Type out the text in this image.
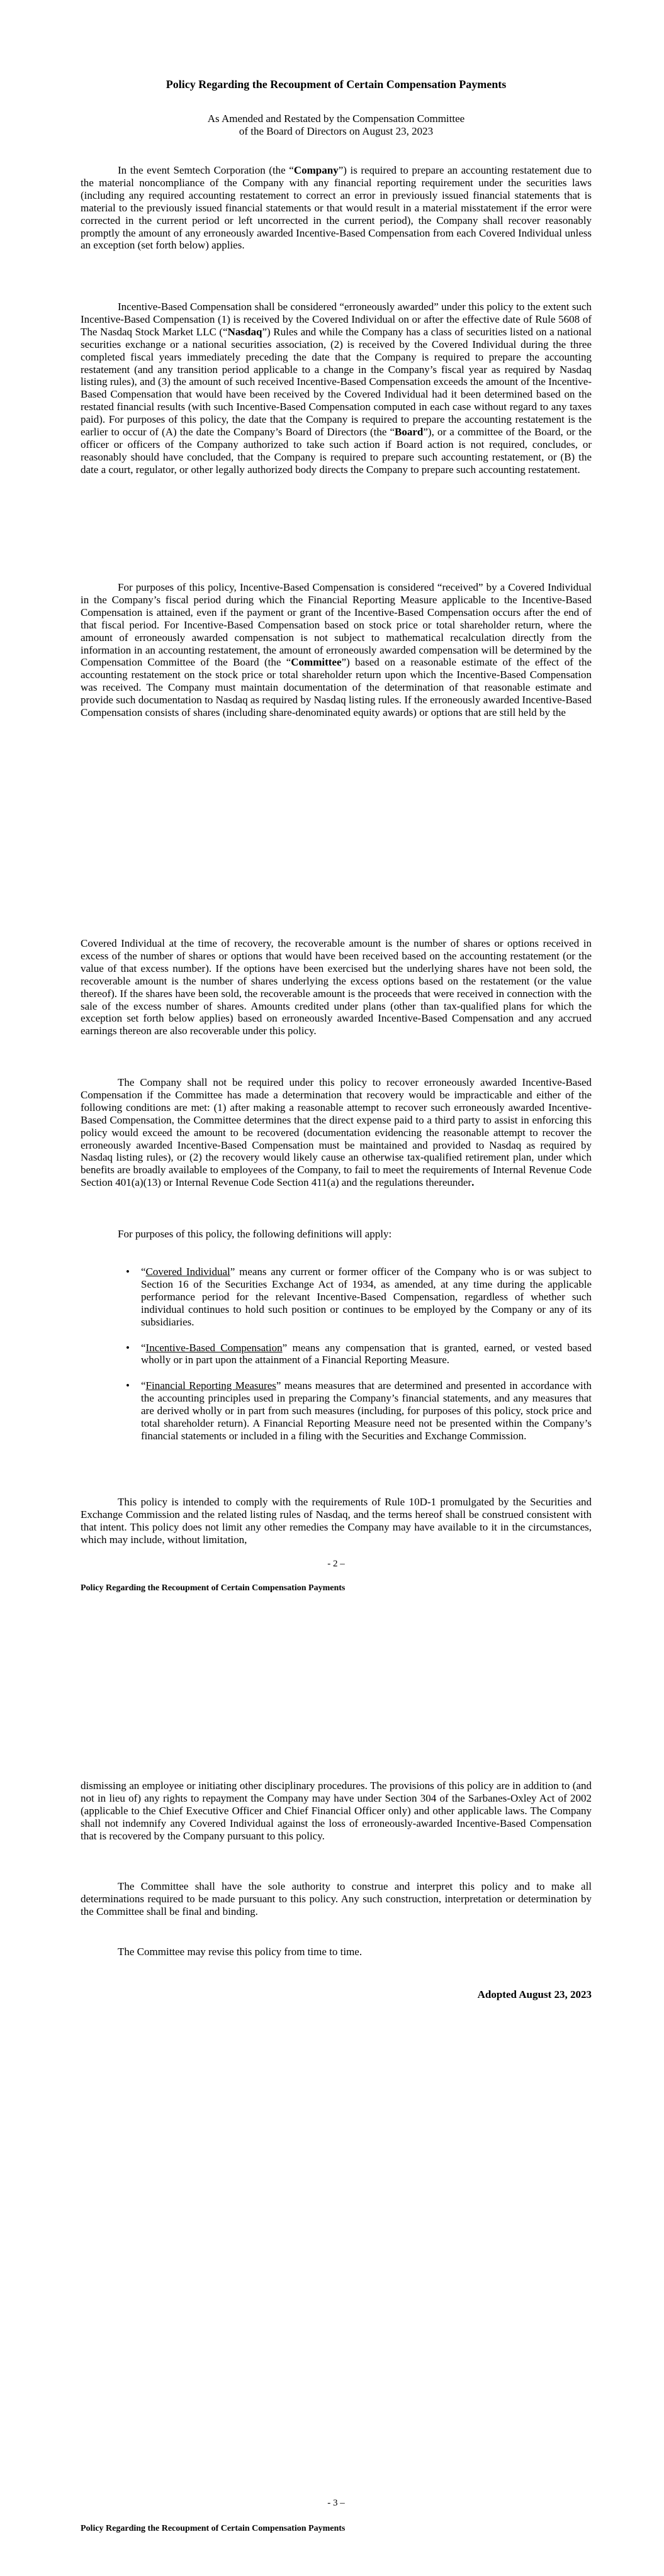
Policy Regarding the Recoupment of Certain Compensation Payments
As Amended and Restated by the Compensation Committee
of the Board of Directors on August 23, 2023

In the event Semtech Corporation (the “Company”) is required to prepare an accounting restatement due to the material noncompliance of the Company with any financial reporting requirement under the securities laws (including any required accounting restatement to correct an error in previously issued financial statements that is material to the previously issued financial statements or that would result in a material misstatement if the error were corrected in the current period or left uncorrected in the current period), the Company shall recover reasonably promptly the amount of any erroneously awarded Incentive-Based Compensation from each Covered Individual unless an exception (set forth below) applies.

Incentive-Based Compensation shall be considered “erroneously awarded” under this policy to the extent such Incentive-Based Compensation (1) is received by the Covered Individual on or after the effective date of Rule 5608 of The Nasdaq Stock Market LLC (“Nasdaq”) Rules and while the Company has a class of securities listed on a national securities exchange or a national securities association, (2) is received by the Covered Individual during the three completed fiscal years immediately preceding the date that the Company is required to prepare the accounting restatement (and any transition period applicable to a change in the Company’s fiscal year as required by Nasdaq listing rules), and (3) the amount of such received Incentive-Based Compensation exceeds the amount of the Incentive-Based Compensation that would have been received by the Covered Individual had it been determined based on the restated financial results (with such Incentive-Based Compensation computed in each case without regard to any taxes paid). For purposes of this policy, the date that the Company is required to prepare the accounting restatement is the earlier to occur of (A) the date the Company’s Board of Directors (the “Board”), or a committee of the Board, or the officer or officers of the Company authorized to take such action if Board action is not required, concludes, or reasonably should have concluded, that the Company is required to prepare such accounting restatement, or (B) the date a court, regulator, or other legally authorized body directs the Company to prepare such accounting restatement.

For purposes of this policy, Incentive-Based Compensation is considered “received” by a Covered Individual in the Company’s fiscal period during which the Financial Reporting Measure applicable to the Incentive-Based Compensation is attained, even if the payment or grant of the Incentive-Based Compensation occurs after the end of that fiscal period. For Incentive-Based Compensation based on stock price or total shareholder return, where the amount of erroneously awarded compensation is not subject to mathematical recalculation directly from the information in an accounting restatement, the amount of erroneously awarded compensation will be determined by the Compensation Committee of the Board (the “Committee”) based on a reasonable estimate of the effect of the accounting restatement on the stock price or total shareholder return upon which the Incentive-Based Compensation was received. The Company must maintain documentation of the determination of that reasonable estimate and provide such documentation to Nasdaq as required by Nasdaq listing rules. If the erroneously awarded Incentive-Based Compensation consists of shares (including share-denominated equity awards) or options that are still held by the

Covered Individual at the time of recovery, the recoverable amount is the number of shares or options received in excess of the number of shares or options that would have been received based on the accounting restatement (or the value of that excess number). If the options have been exercised but the underlying shares have not been sold, the recoverable amount is the number of shares underlying the excess options based on the restatement (or the value thereof). If the shares have been sold, the recoverable amount is the proceeds that were received in connection with the sale of the excess number of shares. Amounts credited under plans (other than tax-qualified plans for which the exception set forth below applies) based on erroneously awarded Incentive-Based Compensation and any accrued earnings thereon are also recoverable under this policy.

The Company shall not be required under this policy to recover erroneously awarded Incentive-Based Compensation if the Committee has made a determination that recovery would be impracticable and either of the following conditions are met: (1) after making a reasonable attempt to recover such erroneously awarded Incentive-Based Compensation, the Committee determines that the direct expense paid to a third party to assist in enforcing this policy would exceed the amount to be recovered (documentation evidencing the reasonable attempt to recover the erroneously awarded Incentive-Based Compensation must be maintained and provided to Nasdaq as required by Nasdaq listing rules), or (2) the recovery would likely cause an otherwise tax-qualified retirement plan, under which benefits are broadly available to employees of the Company, to fail to meet the requirements of Internal Revenue Code Section 401(a)(13) or Internal Revenue Code Section 411(a) and the regulations thereunder.

For purposes of this policy, the following definitions will apply:

• “Covered Individual” means any current or former officer of the Company who is or was subject to Section 16 of the Securities Exchange Act of 1934, as amended, at any time during the applicable performance period for the relevant Incentive-Based Compensation, regardless of whether such individual continues to hold such position or continues to be employed by the Company or any of its subsidiaries.
• “Incentive-Based Compensation” means any compensation that is granted, earned, or vested based wholly or in part upon the attainment of a Financial Reporting Measure.
• “Financial Reporting Measures” means measures that are determined and presented in accordance with the accounting principles used in preparing the Company’s financial statements, and any measures that are derived wholly or in part from such measures (including, for purposes of this policy, stock price and total shareholder return). A Financial Reporting Measure need not be presented within the Company’s financial statements or included in a filing with the Securities and Exchange Commission.

This policy is intended to comply with the requirements of Rule 10D-1 promulgated by the Securities and Exchange Commission and the related listing rules of Nasdaq, and the terms hereof shall be construed consistent with that intent. This policy does not limit any other remedies the Company may have available to it in the circumstances, which may include, without limitation,

- 2 –
Policy Regarding the Recoupment of Certain Compensation Payments

dismissing an employee or initiating other disciplinary procedures. The provisions of this policy are in addition to (and not in lieu of) any rights to repayment the Company may have under Section 304 of the Sarbanes-Oxley Act of 2002 (applicable to the Chief Executive Officer and Chief Financial Officer only) and other applicable laws. The Company shall not indemnify any Covered Individual against the loss of erroneously-awarded Incentive-Based Compensation that is recovered by the Company pursuant to this policy.

The Committee shall have the sole authority to construe and interpret this policy and to make all determinations required to be made pursuant to this policy. Any such construction, interpretation or determination by the Committee shall be final and binding.

The Committee may revise this policy from time to time.

Adopted August 23, 2023
- 3 –
Policy Regarding the Recoupment of Certain Compensation Payments
